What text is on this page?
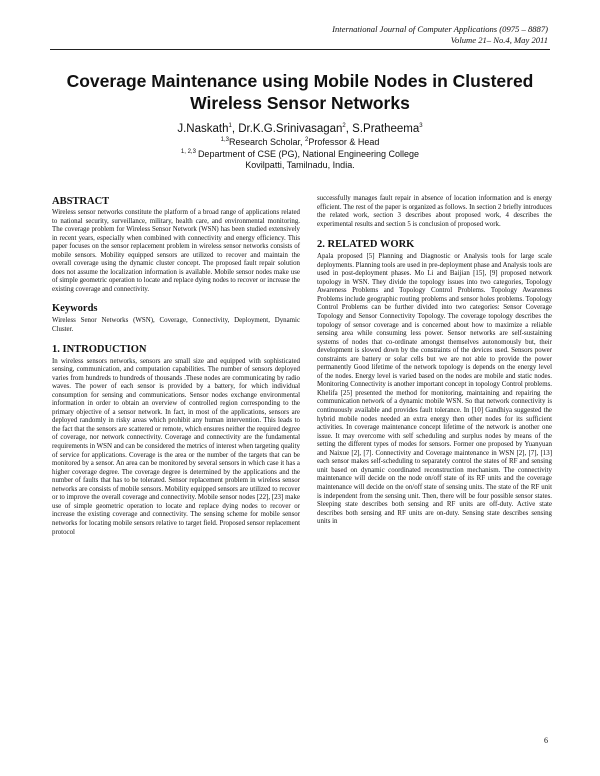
International Journal of Computer Applications (0975 – 8887)
Volume 21– No.4, May 2011
Coverage Maintenance using Mobile Nodes in Clustered
Wireless Sensor Networks
J.Naskath$^1$, Dr.K.G.Srinivasagan$^2$, S.Pratheema$^3$
$^{1,3}$Research Scholar, $^2$Professor & Head
$^{1, 2,3}$ Department of CSE (PG), National Engineering College
Kovilpatti, Tamilnadu, India.
ABSTRACT

Wireless sensor networks constitute the platform of a broad range of applications related to national security, surveillance, military, health care, and environmental monitoring. The coverage problem for Wireless Sensor Network (WSN) has been studied extensively in recent years, especially when combined with connectivity and energy efficiency. This paper focuses on the sensor replacement problem in wireless sensor networks consists of mobile sensors. Mobility equipped sensors are utilized to recover and maintain the overall coverage using the dynamic cluster concept. The proposed fault repair solution does not assume the localization information is available. Mobile sensor nodes make use of simple geometric operation to locate and replace dying nodes to recover or increase the existing coverage and connectivity.

Keywords

Wireless Senor Networks (WSN), Coverage, Connectivity, Deployment, Dynamic Cluster.

1. INTRODUCTION

In wireless sensors networks, sensors are small size and equipped with sophisticated sensing, communication, and computation capabilities. The number of sensors deployed varies from hundreds to hundreds of thousands .These nodes are communicating by radio waves. The power of each sensor is provided by a battery, for which individual consumption for sensing and communications. Sensor nodes exchange environmental information in order to obtain an overview of controlled region corresponding to the primary objective of a sensor network. In fact, in most of the applications, sensors are deployed randomly in risky areas which prohibit any human intervention. This leads to the fact that the sensors are scattered or remote, which ensures neither the required degree of coverage, nor network connectivity. Coverage and connectivity are the fundamental requirements in WSN and can be considered the metrics of interest when targeting quality of service for applications. Coverage is the area or the number of the targets that can be monitored by a sensor. An area can be monitored by several sensors in which case it has a higher coverage degree. The coverage degree is determined by the applications and the number of faults that has to be tolerated. Sensor replacement problem in wireless sensor networks are consists of mobile sensors. Mobility equipped sensors are utilized to recover or to improve the overall coverage and connectivity. Mobile sensor nodes [22], [23] make use of simple geometric operation to locate and replace dying nodes to recover or increase the existing coverage and connectivity. The sensing scheme for mobile sensor networks for locating mobile sensors relative to target field. Proposed sensor replacement protocol

successfully manages fault repair in absence of location information and is energy efficient. The rest of the paper is organized as follows. In section 2 briefly introduces the related work, section 3 describes about proposed work, 4 describes the experimental results and section 5 is conclusion of proposed work.

2. RELATED WORK

Apala proposed [5] Planning and Diagnostic or Analysis tools for large scale deployments. Planning tools are used in pre-deployment phase and Analysis tools are used in post-deployment phases. Mo Li and Baijian [15], [9] proposed network topology in WSN. They divide the topology issues into two categories, Topology Awareness Problems and Topology Control Problems. Topology Awareness Problems include geographic routing problems and sensor holes problems. Topology Control Problems can be further divided into two categories: Sensor Coverage Topology and Sensor Connectivity Topology. The coverage topology describes the topology of sensor coverage and is concerned about how to maximize a reliable sensing area while consuming less power. Sensor networks are self-sustaining systems of nodes that co-ordinate amongst themselves autonomously but, their development is slowed down by the constraints of the devices used. Sensors power constraints are battery or solar cells but we are not able to provide the power permanently Good lifetime of the network topology is depends on the energy level of the nodes. Energy level is varied based on the nodes are mobile and static nodes. Monitoring Connectivity is another important concept in topology Control problems. Khelifa [25] presented the method for monitoring, maintaining and repairing the communication network of a dynamic mobile WSN. So that network connectivity is continuously available and provides fault tolerance. In [10] Gandhiya suggested the hybrid mobile nodes needed an extra energy then other nodes for its sufficient activities. In coverage maintenance concept lifetime of the network is another one issue. It may overcome with self scheduling and surplus nodes by means of the setting the different types of modes for sensors. Former one proposed by Yuanyuan and Naixue [2], [7]. Connectivity and Coverage maintenance in WSN [2], [7], [13] each sensor makes self-scheduling to separately control the states of RF and sensing unit based on dynamic coordinated reconstruction mechanism. The connectivity maintenance will decide on the node on/off state of its RF units and the coverage maintenance will decide on the on/off state of sensing units. The state of the RF unit is independent from the sensing unit. Then, there will be four possible sensor states. Sleeping state describes both sensing and RF units are off-duty. Active state describes both sensing and RF units are on-duty. Sensing state describes sensing units in

6
